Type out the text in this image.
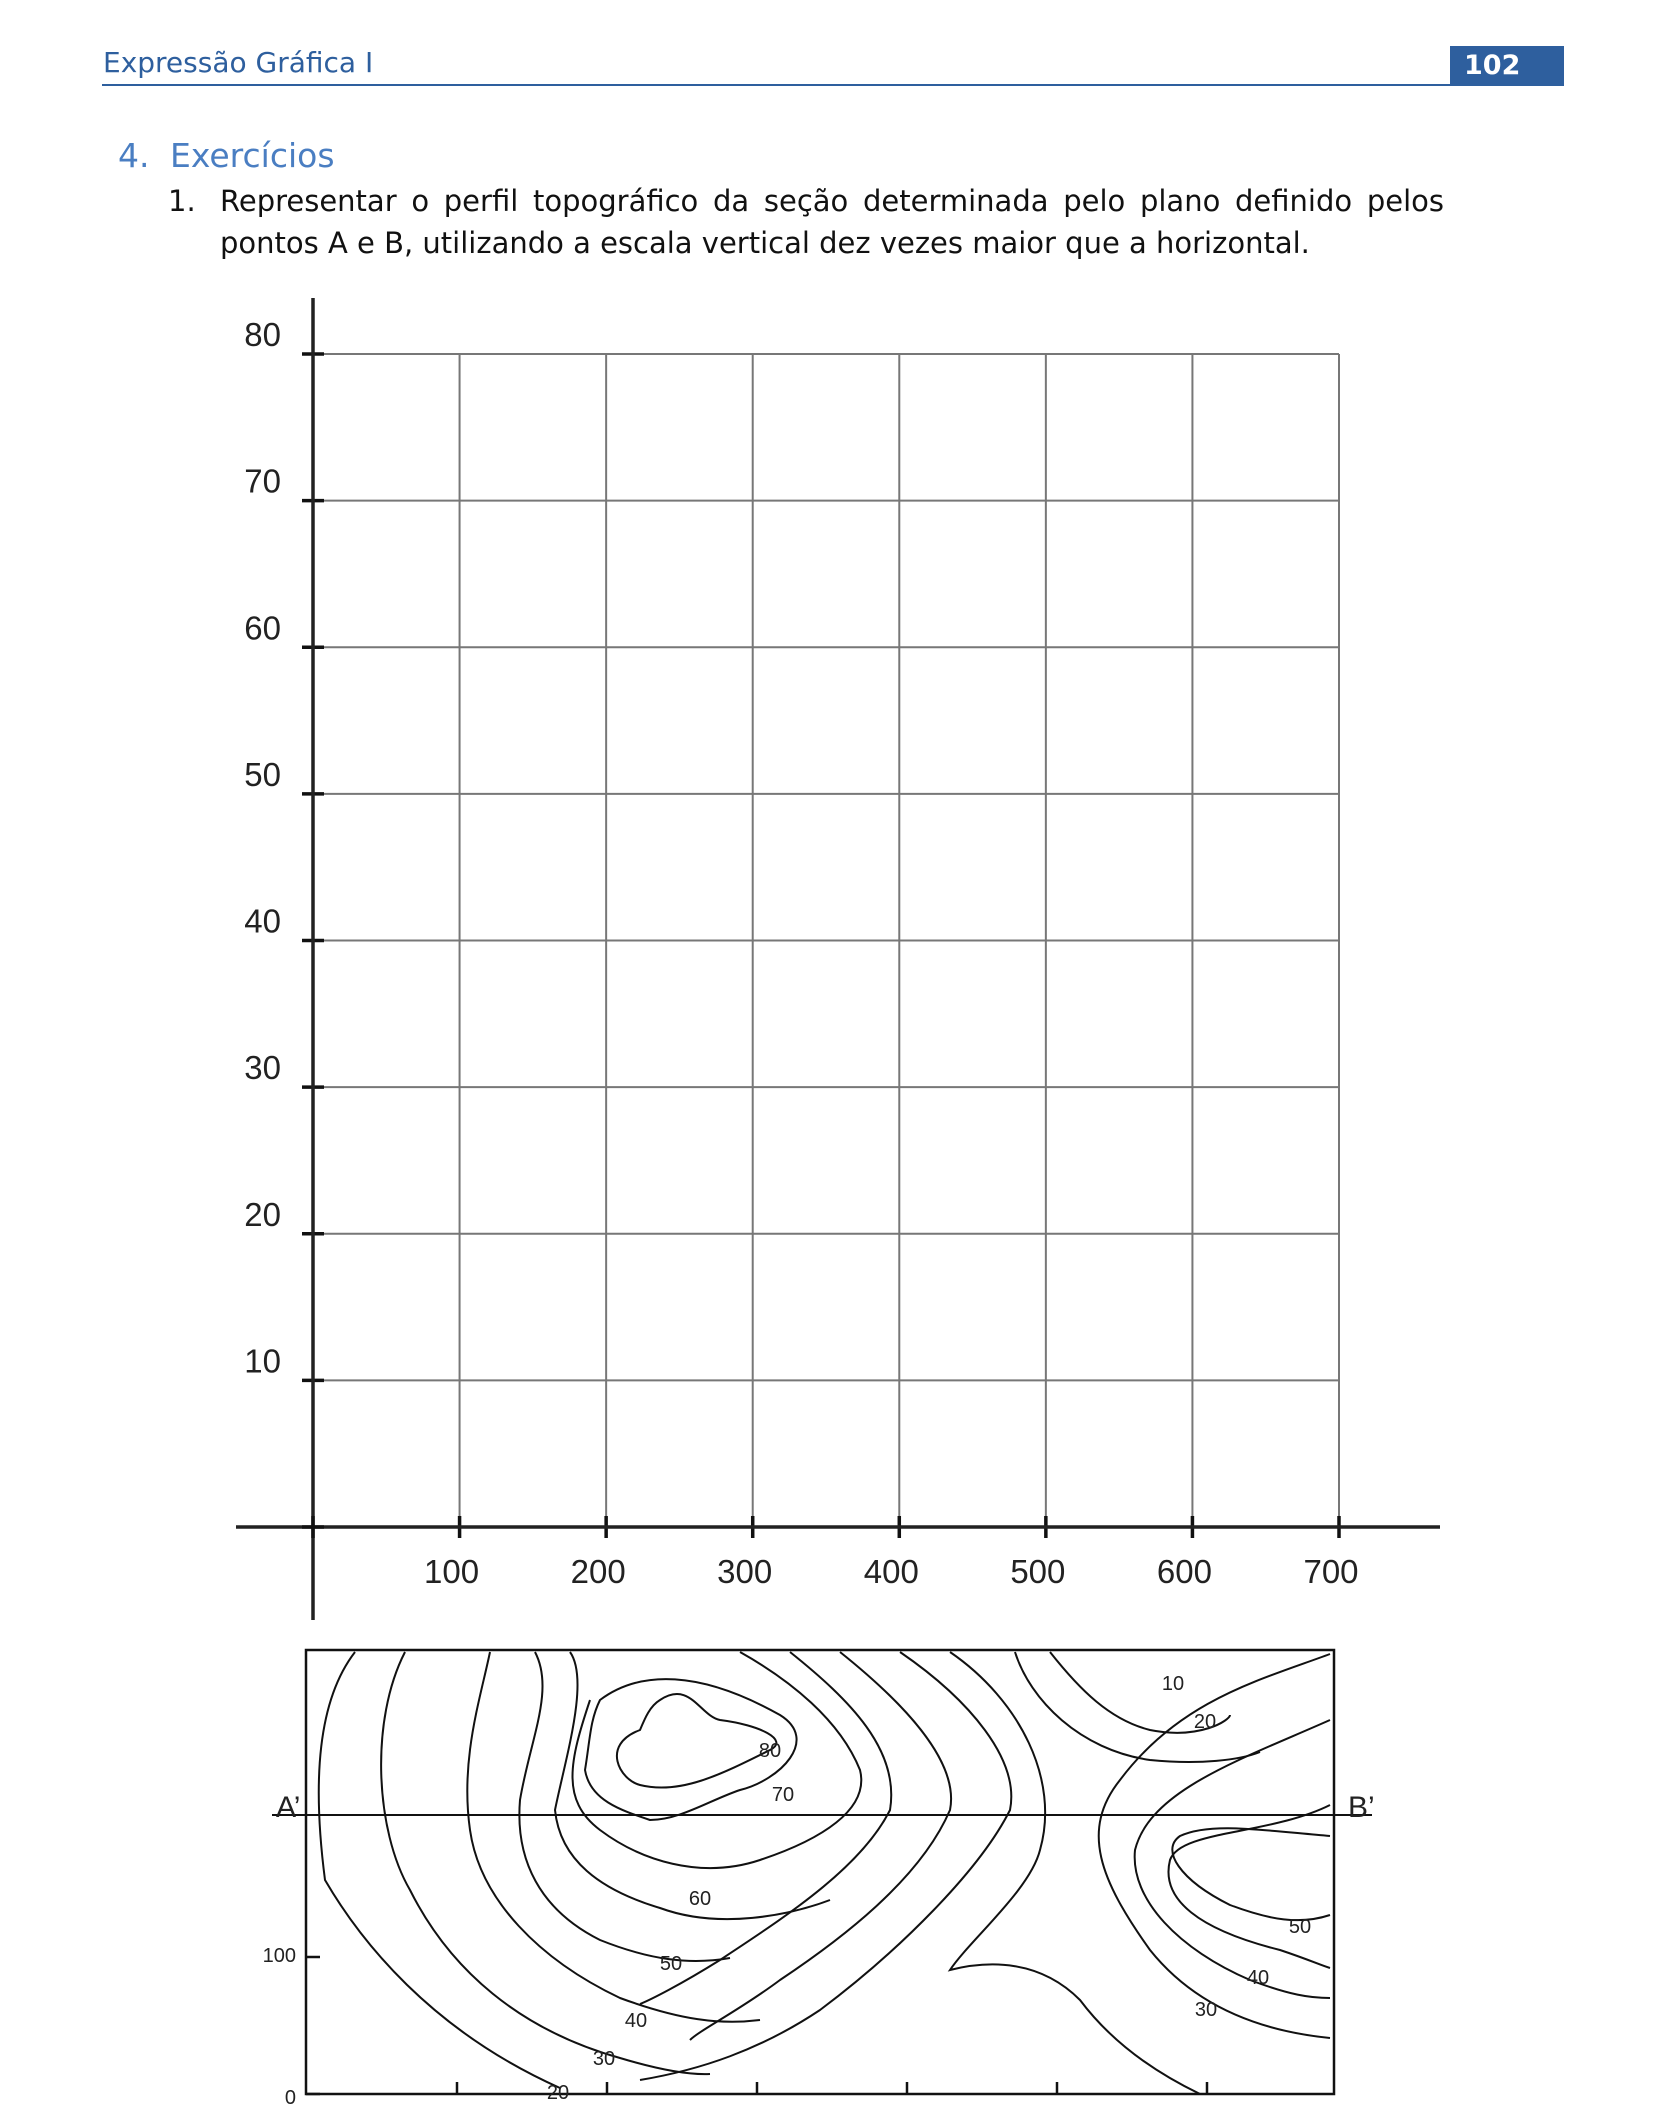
Expressão Gráfica I	102
4. Exercícios
1. Representar o perfil topográfico da seção determinada pelo plano definido pelos pontos A e B, utilizando a escala vertical dez vezes maior que a horizontal.
100	200	300	400	500	600	700
10
20
30
40
50
60
70
80
A’	B’
10
20
80
70
60
50
40
30
20
50
40
30
100
0
